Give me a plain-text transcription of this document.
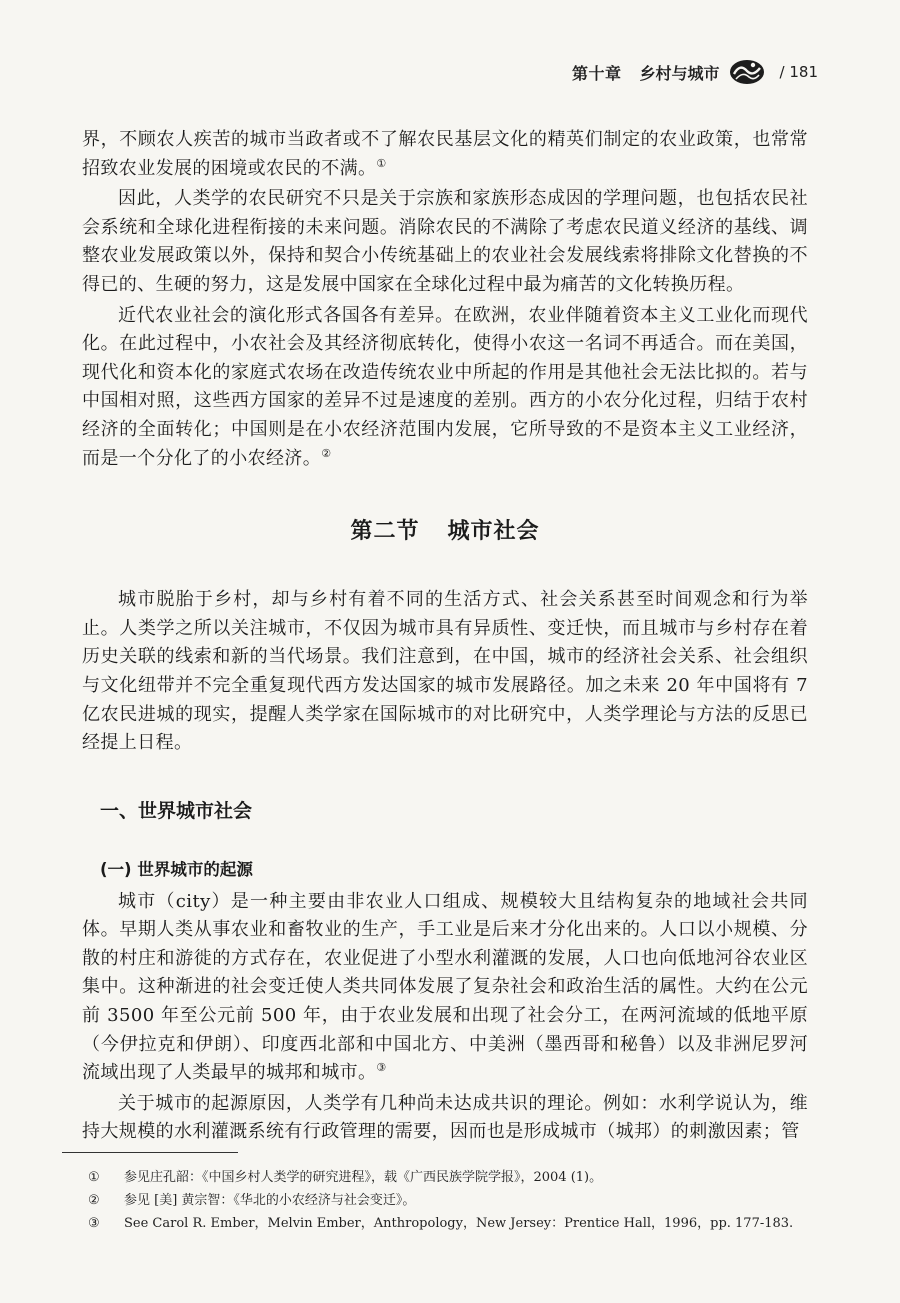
第十章 乡村与城市	/ 181

界，不顾农人疾苦的城市当政者或不了解农民基层文化的精英们制定的农业政策，也常常招致农业发展的困境或农民的不满。①

因此，人类学的农民研究不只是关于宗族和家族形态成因的学理问题，也包括农民社会系统和全球化进程衔接的未来问题。消除农民的不满除了考虑农民道义经济的基线、调整农业发展政策以外，保持和契合小传统基础上的农业社会发展线索将排除文化替换的不得已的、生硬的努力，这是发展中国家在全球化过程中最为痛苦的文化转换历程。

近代农业社会的演化形式各国各有差异。在欧洲，农业伴随着资本主义工业化而现代化。在此过程中，小农社会及其经济彻底转化，使得小农这一名词不再适合。而在美国，现代化和资本化的家庭式农场在改造传统农业中所起的作用是其他社会无法比拟的。若与中国相对照，这些西方国家的差异不过是速度的差别。西方的小农分化过程，归结于农村经济的全面转化；中国则是在小农经济范围内发展，它所导致的不是资本主义工业经济，而是一个分化了的小农经济。②

第二节 城市社会

城市脱胎于乡村，却与乡村有着不同的生活方式、社会关系甚至时间观念和行为举止。人类学之所以关注城市，不仅因为城市具有异质性、变迁快，而且城市与乡村存在着历史关联的线索和新的当代场景。我们注意到，在中国，城市的经济社会关系、社会组织与文化纽带并不完全重复现代西方发达国家的城市发展路径。加之未来 20 年中国将有 7 亿农民进城的现实，提醒人类学家在国际城市的对比研究中，人类学理论与方法的反思已经提上日程。

一、世界城市社会
(一) 世界城市的起源

城市（city）是一种主要由非农业人口组成、规模较大且结构复杂的地域社会共同体。早期人类从事农业和畜牧业的生产，手工业是后来才分化出来的。人口以小规模、分散的村庄和游徙的方式存在，农业促进了小型水利灌溉的发展，人口也向低地河谷农业区集中。这种渐进的社会变迁使人类共同体发展了复杂社会和政治生活的属性。大约在公元前 3500 年至公元前 500 年，由于农业发展和出现了社会分工，在两河流域的低地平原（今伊拉克和伊朗）、印度西北部和中国北方、中美洲（墨西哥和秘鲁）以及非洲尼罗河流域出现了人类最早的城邦和城市。③

关于城市的起源原因，人类学有几种尚未达成共识的理论。例如：水利学说认为，维持大规模的水利灌溉系统有行政管理的需要，因而也是形成城市（城邦）的刺激因素；管

①	参见庄孔韶：《中国乡村人类学的研究进程》，载《广西民族学院学报》，2004 (1)。
②	参见 [美] 黄宗智：《华北的小农经济与社会变迁》。
③	See Carol R. Ember，Melvin Ember，Anthropology，New Jersey：Prentice Hall，1996，pp. 177-183.
